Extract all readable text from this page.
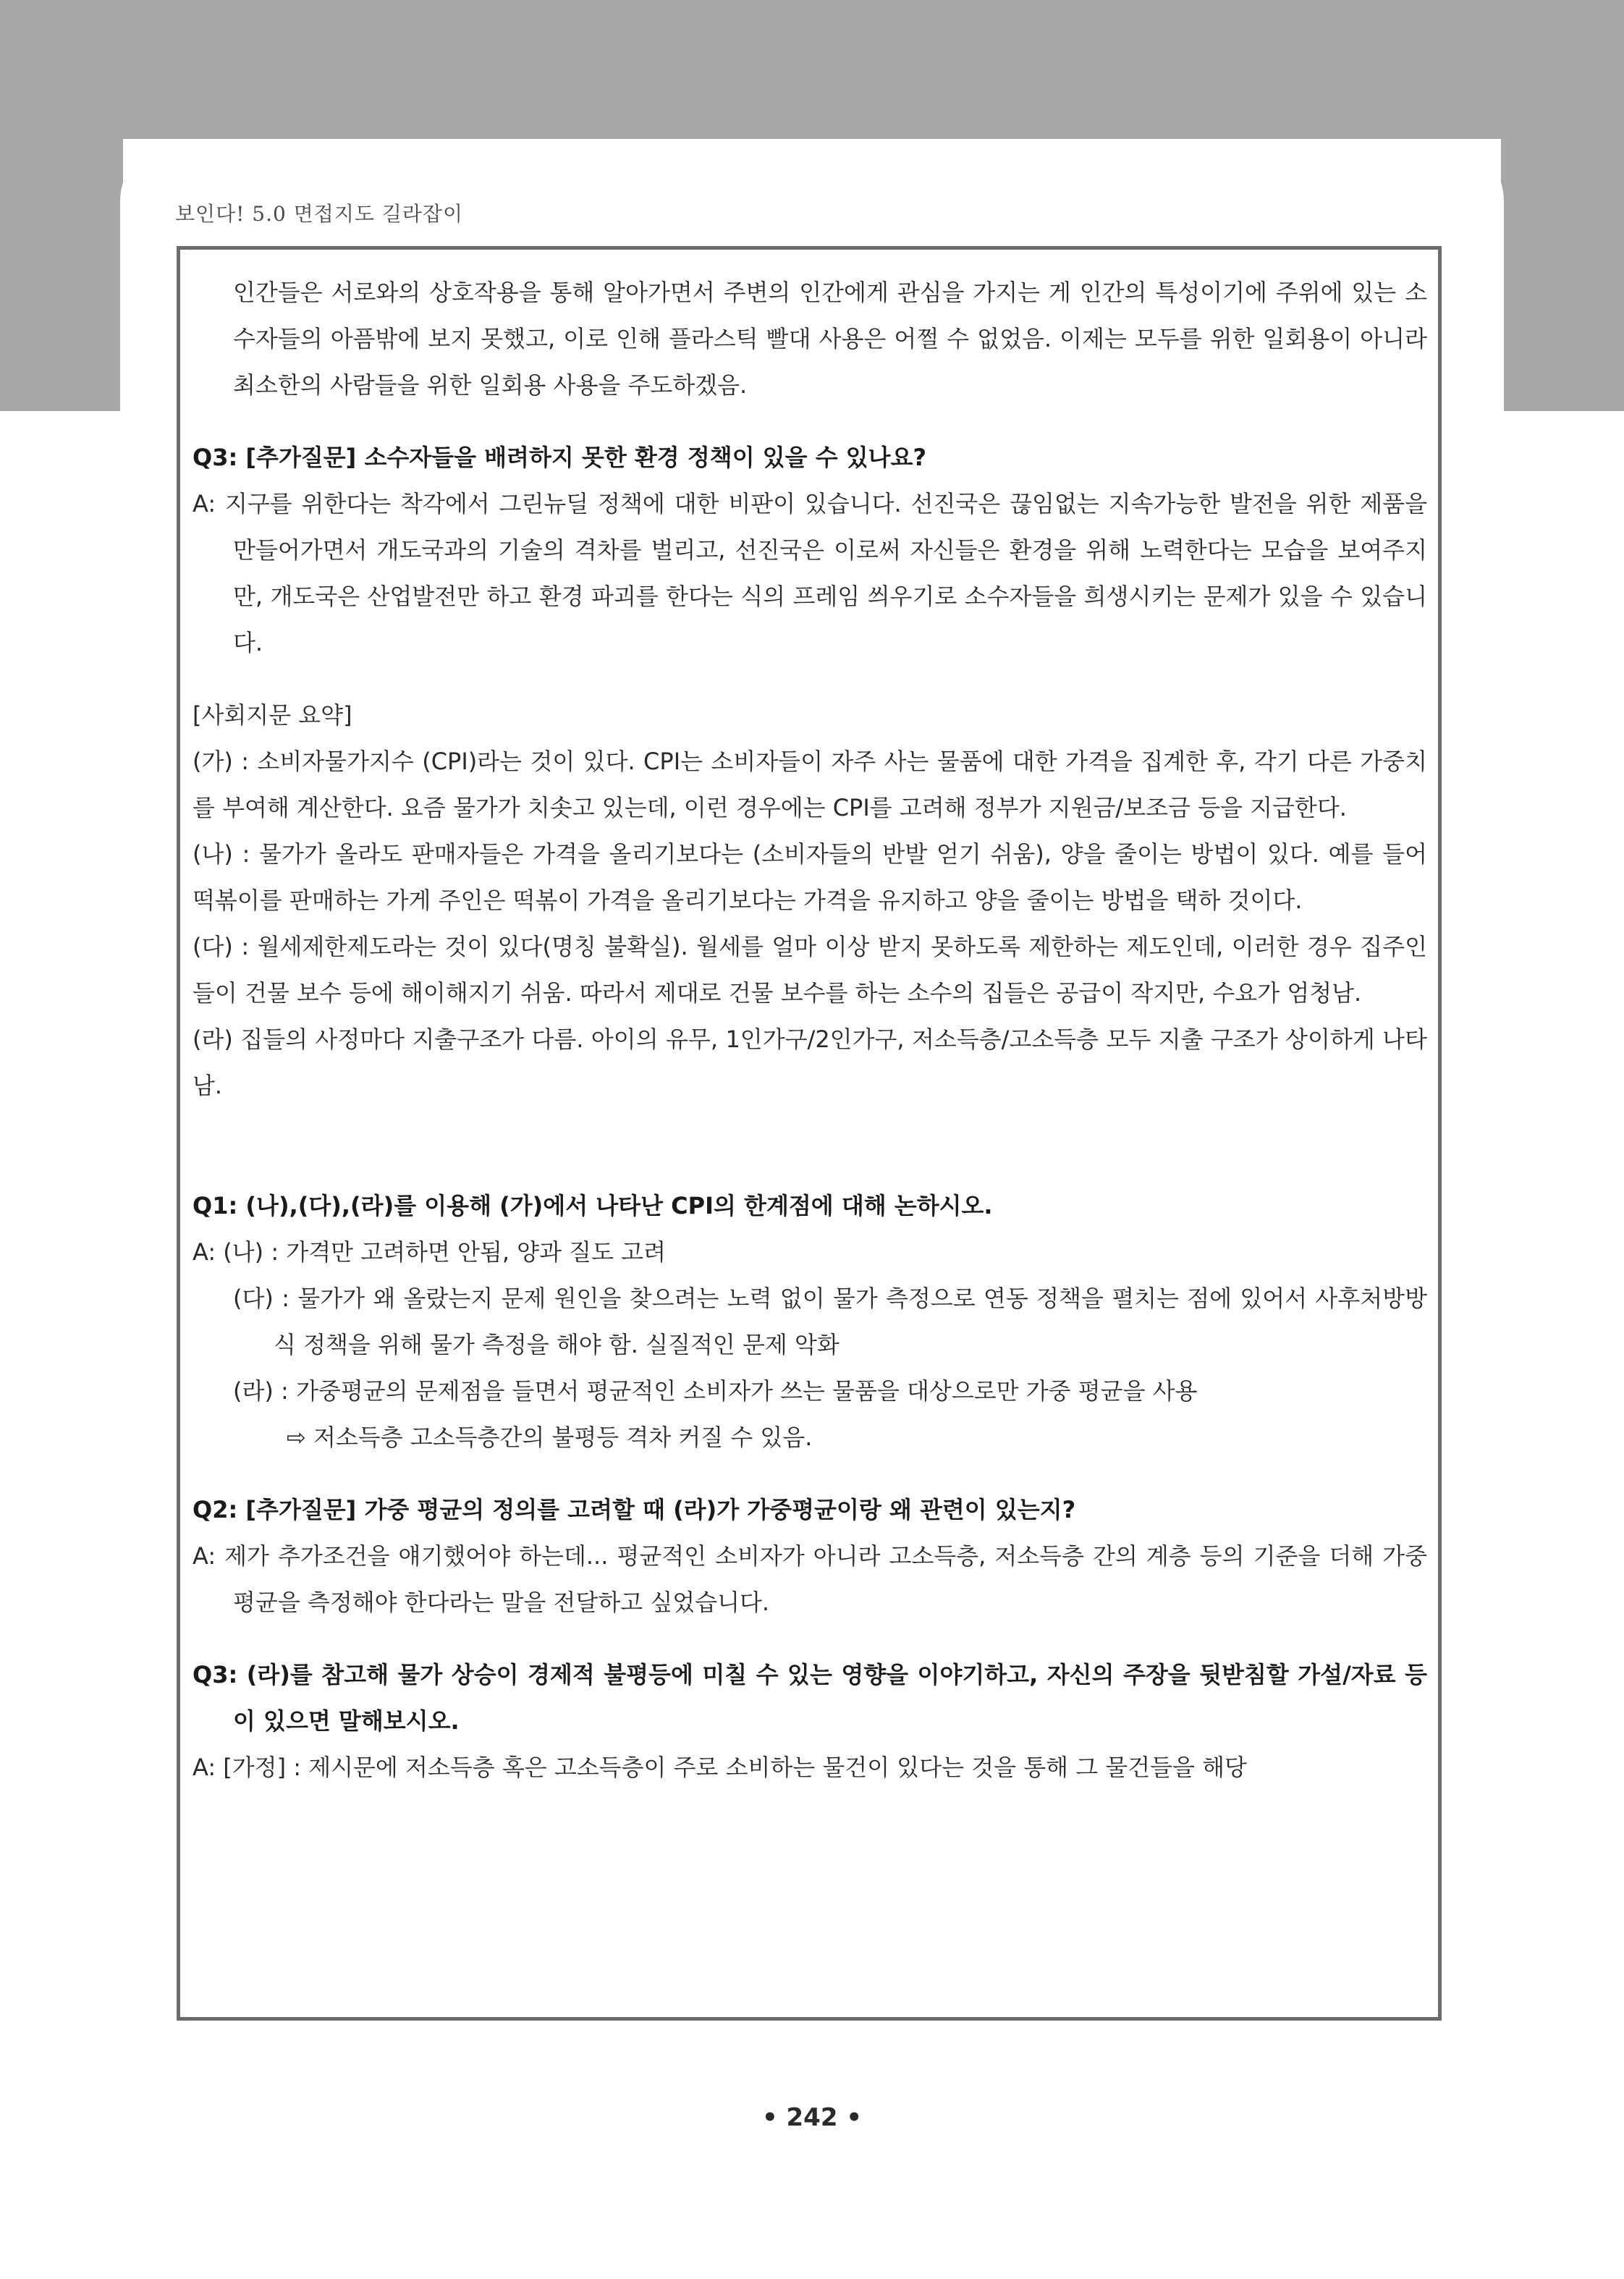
보인다! 5.0 면접지도 길라잡이

인간들은 서로와의 상호작용을 통해 알아가면서 주변의 인간에게 관심을 가지는 게 인간의 특성이기에 주위에 있는 소수자들의 아픔밖에 보지 못했고, 이로 인해 플라스틱 빨대 사용은 어쩔 수 없었음. 이제는 모두를 위한 일회용이 아니라 최소한의 사람들을 위한 일회용 사용을 주도하겠음.

Q3: [추가질문] 소수자들을 배려하지 못한 환경 정책이 있을 수 있나요?

A: 지구를 위한다는 착각에서 그린뉴딜 정책에 대한 비판이 있습니다. 선진국은 끊임없는 지속가능한 발전을 위한 제품을 만들어가면서 개도국과의 기술의 격차를 벌리고, 선진국은 이로써 자신들은 환경을 위해 노력한다는 모습을 보여주지만, 개도국은 산업발전만 하고 환경 파괴를 한다는 식의 프레임 씌우기로 소수자들을 희생시키는 문제가 있을 수 있습니다.

[사회지문 요약]

(가) : 소비자물가지수 (CPI)라는 것이 있다. CPI는 소비자들이 자주 사는 물품에 대한 가격을 집계한 후, 각기 다른 가중치를 부여해 계산한다. 요즘 물가가 치솟고 있는데, 이런 경우에는 CPI를 고려해 정부가 지원금/보조금 등을 지급한다.

(나) : 물가가 올라도 판매자들은 가격을 올리기보다는 (소비자들의 반발 얻기 쉬움), 양을 줄이는 방법이 있다. 예를 들어 떡볶이를 판매하는 가게 주인은 떡볶이 가격을 올리기보다는 가격을 유지하고 양을 줄이는 방법을 택하 것이다.

(다) : 월세제한제도라는 것이 있다(명칭 불확실). 월세를 얼마 이상 받지 못하도록 제한하는 제도인데, 이러한 경우 집주인들이 건물 보수 등에 해이해지기 쉬움. 따라서 제대로 건물 보수를 하는 소수의 집들은 공급이 작지만, 수요가 엄청남.

(라) 집들의 사정마다 지출구조가 다름. 아이의 유무, 1인가구/2인가구, 저소득층/고소득층 모두 지출 구조가 상이하게 나타남.

Q1: (나),(다),(라)를 이용해 (가)에서 나타난 CPI의 한계점에 대해 논하시오.

A: (나) : 가격만 고려하면 안됨, 양과 질도 고려

(다) : 물가가 왜 올랐는지 문제 원인을 찾으려는 노력 없이 물가 측정으로 연동 정책을 펼치는 점에 있어서 사후처방방식 정책을 위해 물가 측정을 해야 함. 실질적인 문제 악화

(라) : 가중평균의 문제점을 들면서 평균적인 소비자가 쓰는 물품을 대상으로만 가중 평균을 사용

⇨ 저소득층 고소득층간의 불평등 격차 커질 수 있음.

Q2: [추가질문] 가중 평균의 정의를 고려할 때 (라)가 가중평균이랑 왜 관련이 있는지?

A: 제가 추가조건을 얘기했어야 하는데... 평균적인 소비자가 아니라 고소득층, 저소득층 간의 계층 등의 기준을 더해 가중 평균을 측정해야 한다라는 말을 전달하고 싶었습니다.

Q3: (라)를 참고해 물가 상승이 경제적 불평등에 미칠 수 있는 영향을 이야기하고, 자신의 주장을 뒷받침할 가설/자료 등이 있으면 말해보시오.

A: [가정] : 제시문에 저소득층 혹은 고소득층이 주로 소비하는 물건이 있다는 것을 통해 그 물건들을 해당

• 242 •
